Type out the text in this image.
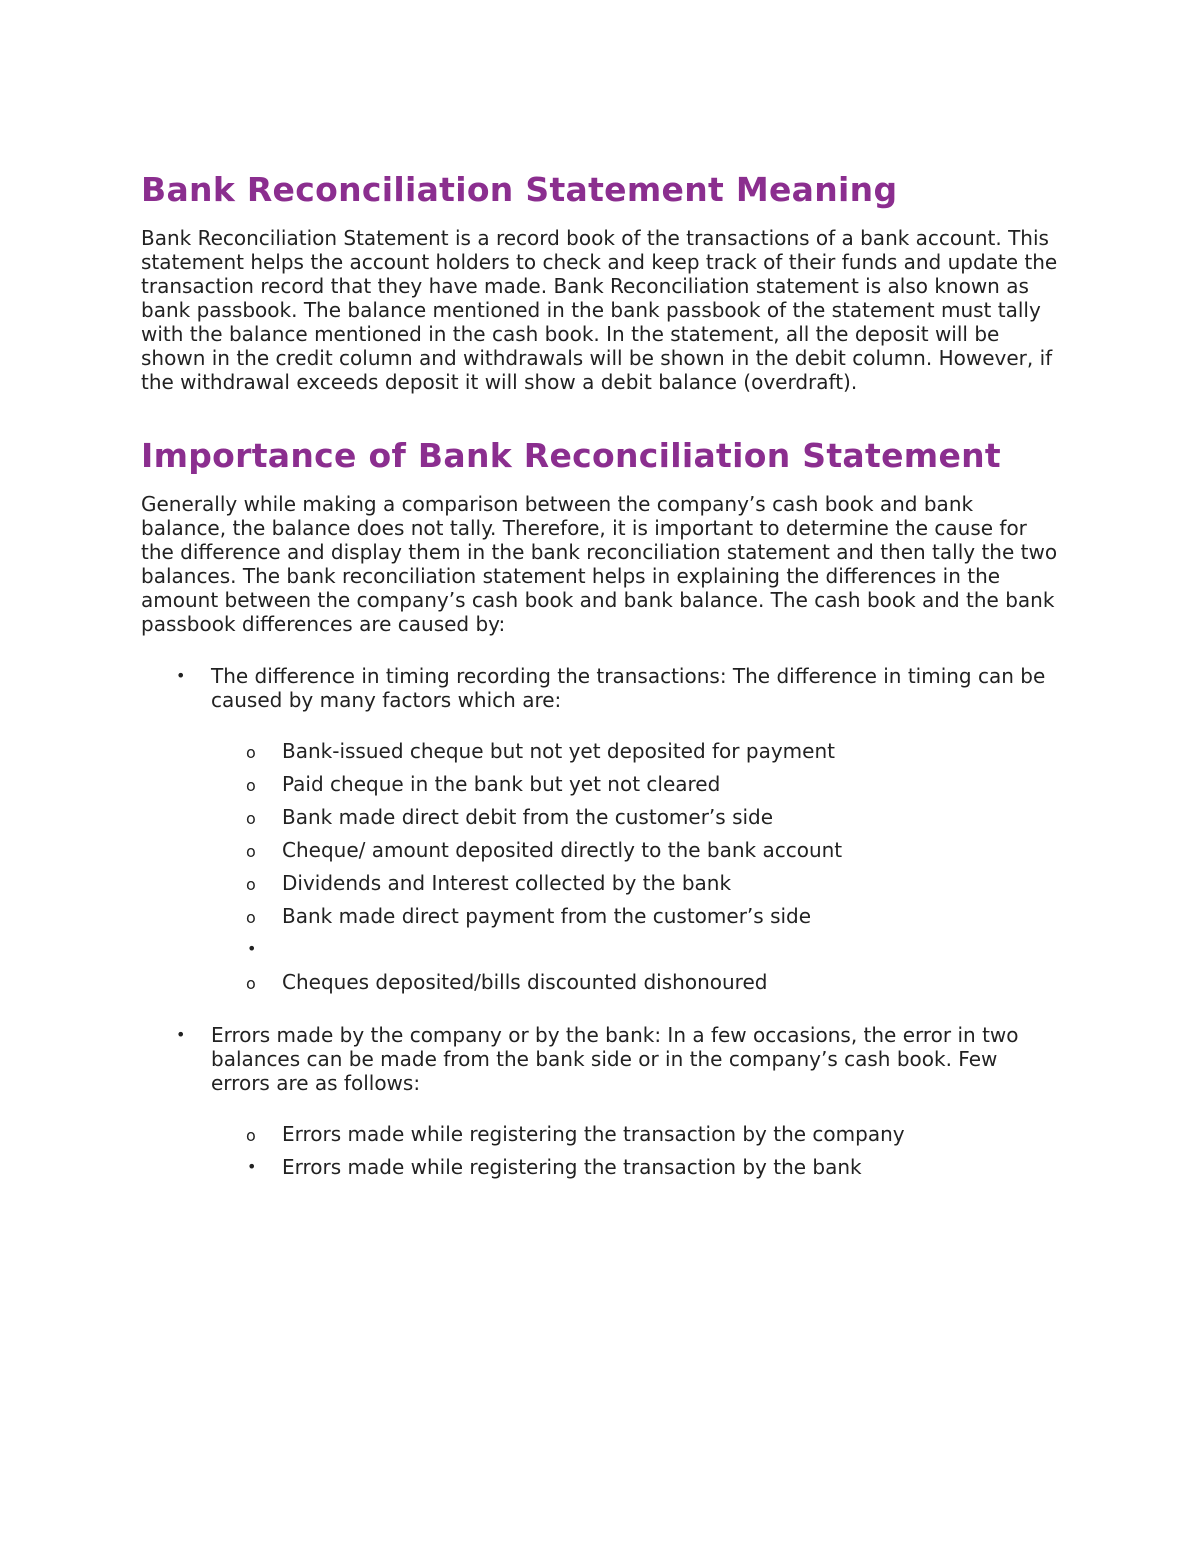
Bank Reconciliation Statement Meaning

Bank Reconciliation Statement is a record book of the transactions of a bank account. This statement helps the account holders to check and keep track of their funds and update the transaction record that they have made. Bank Reconciliation statement is also known as bank passbook. The balance mentioned in the bank passbook of the statement must tally with the balance mentioned in the cash book. In the statement, all the deposit will be shown in the credit column and withdrawals will be shown in the debit column. However, if the withdrawal exceeds deposit it will show a debit balance (overdraft).

Importance of Bank Reconciliation Statement

Generally while making a comparison between the company’s cash book and bank balance, the balance does not tally. Therefore, it is important to determine the cause for the difference and display them in the bank reconciliation statement and then tally the two balances. The bank reconciliation statement helps in explaining the differences in the amount between the company’s cash book and bank balance. The cash book and the bank passbook differences are caused by:

• The difference in timing recording the transactions: The difference in timing can be caused by many factors which are:
o Bank-issued cheque but not yet deposited for payment
o Paid cheque in the bank but yet not cleared
o Bank made direct debit from the customer’s side
o Cheque/ amount deposited directly to the bank account
o Dividends and Interest collected by the bank
o Bank made direct payment from the customer’s side
•
o Cheques deposited/bills discounted dishonoured
• Errors made by the company or by the bank: In a few occasions, the error in two balances can be made from the bank side or in the company’s cash book. Few errors are as follows:
o Errors made while registering the transaction by the company
• Errors made while registering the transaction by the bank
